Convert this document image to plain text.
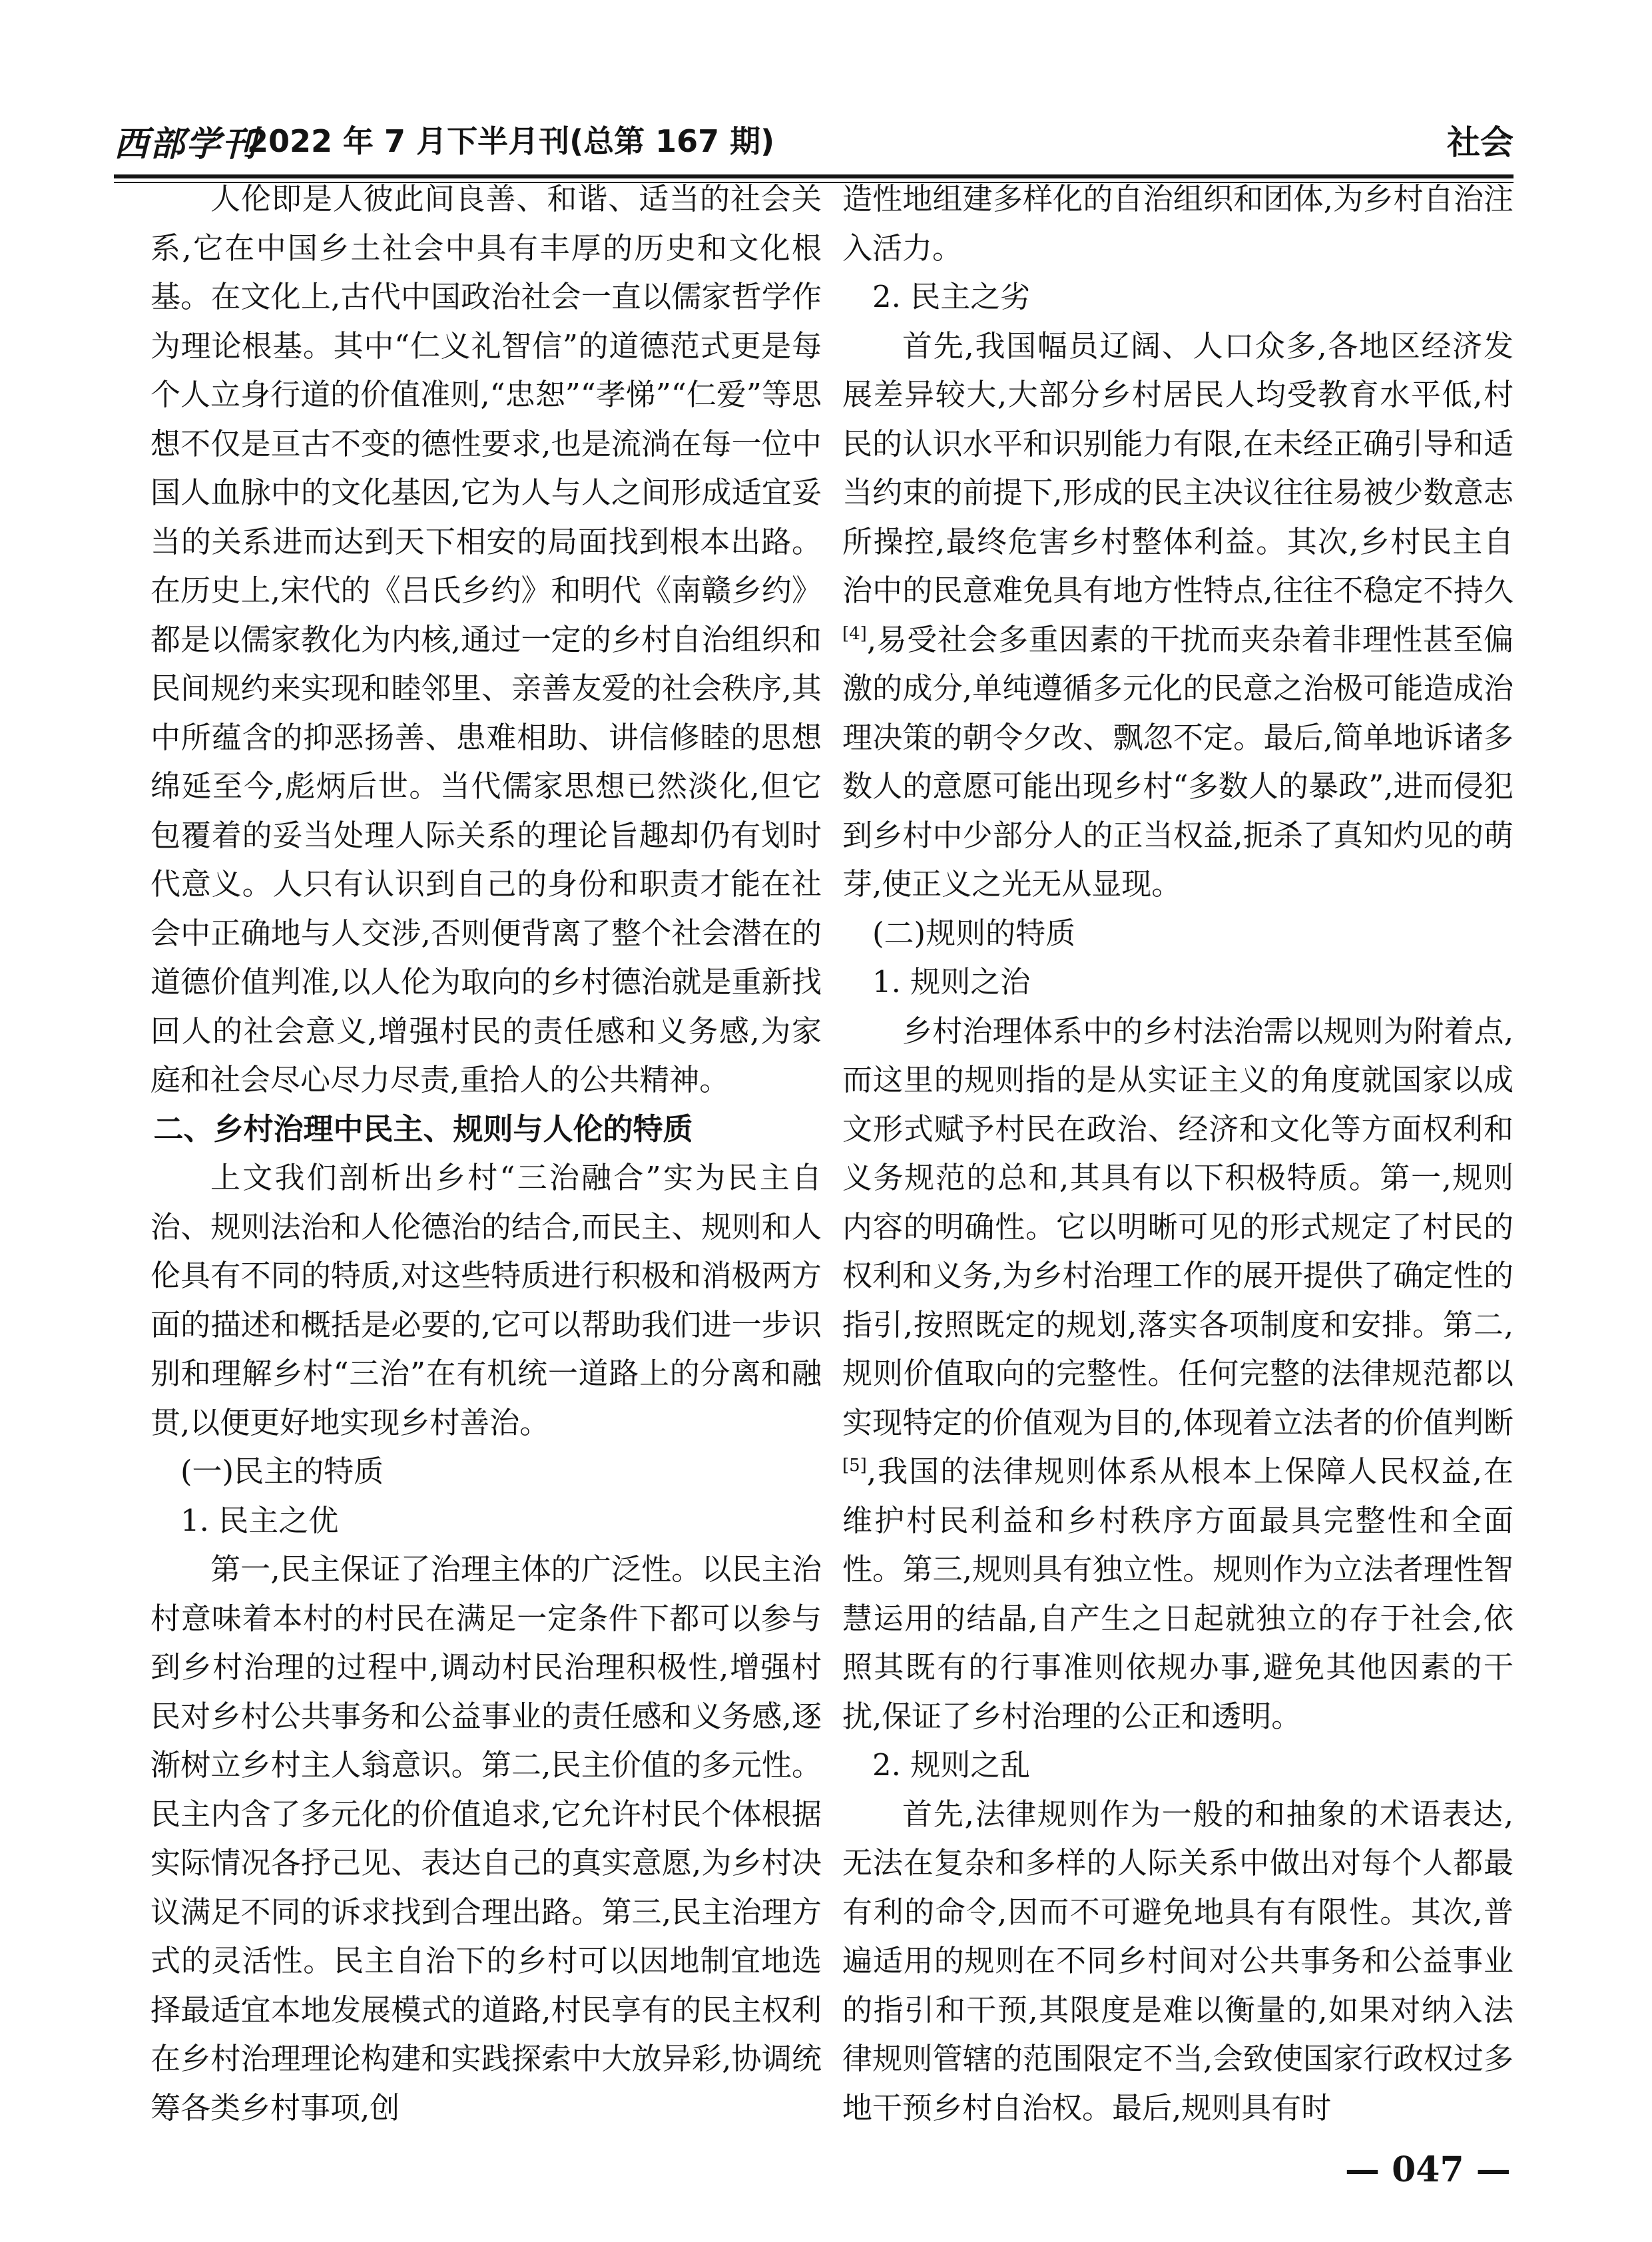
西部学刊
2022 年 7 月下半月刊(总第 167 期)	社会

人伦即是人彼此间良善、和谐、适当的社会关系,它在中国乡土社会中具有丰厚的历史和文化根基。在文化上,古代中国政治社会一直以儒家哲学作为理论根基。其中“仁义礼智信”的道德范式更是每个人立身行道的价值准则,“忠恕”“孝悌”“仁爱”等思想不仅是亘古不变的德性要求,也是流淌在每一位中国人血脉中的文化基因,它为人与人之间形成适宜妥当的关系进而达到天下相安的局面找到根本出路。在历史上,宋代的《吕氏乡约》和明代《南赣乡约》都是以儒家教化为内核,通过一定的乡村自治组织和民间规约来实现和睦邻里、亲善友爱的社会秩序,其中所蕴含的抑恶扬善、患难相助、讲信修睦的思想绵延至今,彪炳后世。当代儒家思想已然淡化,但它包覆着的妥当处理人际关系的理论旨趣却仍有划时代意义。人只有认识到自己的身份和职责才能在社会中正确地与人交涉,否则便背离了整个社会潜在的道德价值判准,以人伦为取向的乡村德治就是重新找回人的社会意义,增强村民的责任感和义务感,为家庭和社会尽心尽力尽责,重拾人的公共精神。

二、乡村治理中民主、规则与人伦的特质

上文我们剖析出乡村“三治融合”实为民主自治、规则法治和人伦德治的结合,而民主、规则和人伦具有不同的特质,对这些特质进行积极和消极两方面的描述和概括是必要的,它可以帮助我们进一步识别和理解乡村“三治”在有机统一道路上的分离和融贯,以便更好地实现乡村善治。

(一)民主的特质

1. 民主之优

第一,民主保证了治理主体的广泛性。以民主治村意味着本村的村民在满足一定条件下都可以参与到乡村治理的过程中,调动村民治理积极性,增强村民对乡村公共事务和公益事业的责任感和义务感,逐渐树立乡村主人翁意识。第二,民主价值的多元性。民主内含了多元化的价值追求,它允许村民个体根据实际情况各抒己见、表达自己的真实意愿,为乡村决议满足不同的诉求找到合理出路。第三,民主治理方式的灵活性。民主自治下的乡村可以因地制宜地选择最适宜本地发展模式的道路,村民享有的民主权利在乡村治理理论构建和实践探索中大放异彩,协调统筹各类乡村事项,创

造性地组建多样化的自治组织和团体,为乡村自治注入活力。

2. 民主之劣

首先,我国幅员辽阔、人口众多,各地区经济发展差异较大,大部分乡村居民人均受教育水平低,村民的认识水平和识别能力有限,在未经正确引导和适当约束的前提下,形成的民主决议往往易被少数意志所操控,最终危害乡村整体利益。其次,乡村民主自治中的民意难免具有地方性特点,往往不稳定不持久[4],易受社会多重因素的干扰而夹杂着非理性甚至偏激的成分,单纯遵循多元化的民意之治极可能造成治理决策的朝令夕改、飘忽不定。最后,简单地诉诸多数人的意愿可能出现乡村“多数人的暴政”,进而侵犯到乡村中少部分人的正当权益,扼杀了真知灼见的萌芽,使正义之光无从显现。

(二)规则的特质

1. 规则之治

乡村治理体系中的乡村法治需以规则为附着点,而这里的规则指的是从实证主义的角度就国家以成文形式赋予村民在政治、经济和文化等方面权利和义务规范的总和,其具有以下积极特质。第一,规则内容的明确性。它以明晰可见的形式规定了村民的权利和义务,为乡村治理工作的展开提供了确定性的指引,按照既定的规划,落实各项制度和安排。第二,规则价值取向的完整性。任何完整的法律规范都以实现特定的价值观为目的,体现着立法者的价值判断[5],我国的法律规则体系从根本上保障人民权益,在维护村民利益和乡村秩序方面最具完整性和全面性。第三,规则具有独立性。规则作为立法者理性智慧运用的结晶,自产生之日起就独立的存于社会,依照其既有的行事准则依规办事,避免其他因素的干扰,保证了乡村治理的公正和透明。

2. 规则之乱

首先,法律规则作为一般的和抽象的术语表达,无法在复杂和多样的人际关系中做出对每个人都最有利的命令,因而不可避免地具有有限性。其次,普遍适用的规则在不同乡村间对公共事务和公益事业的指引和干预,其限度是难以衡量的,如果对纳入法律规则管辖的范围限定不当,会致使国家行政权过多地干预乡村自治权。最后,规则具有时

— 047 —
